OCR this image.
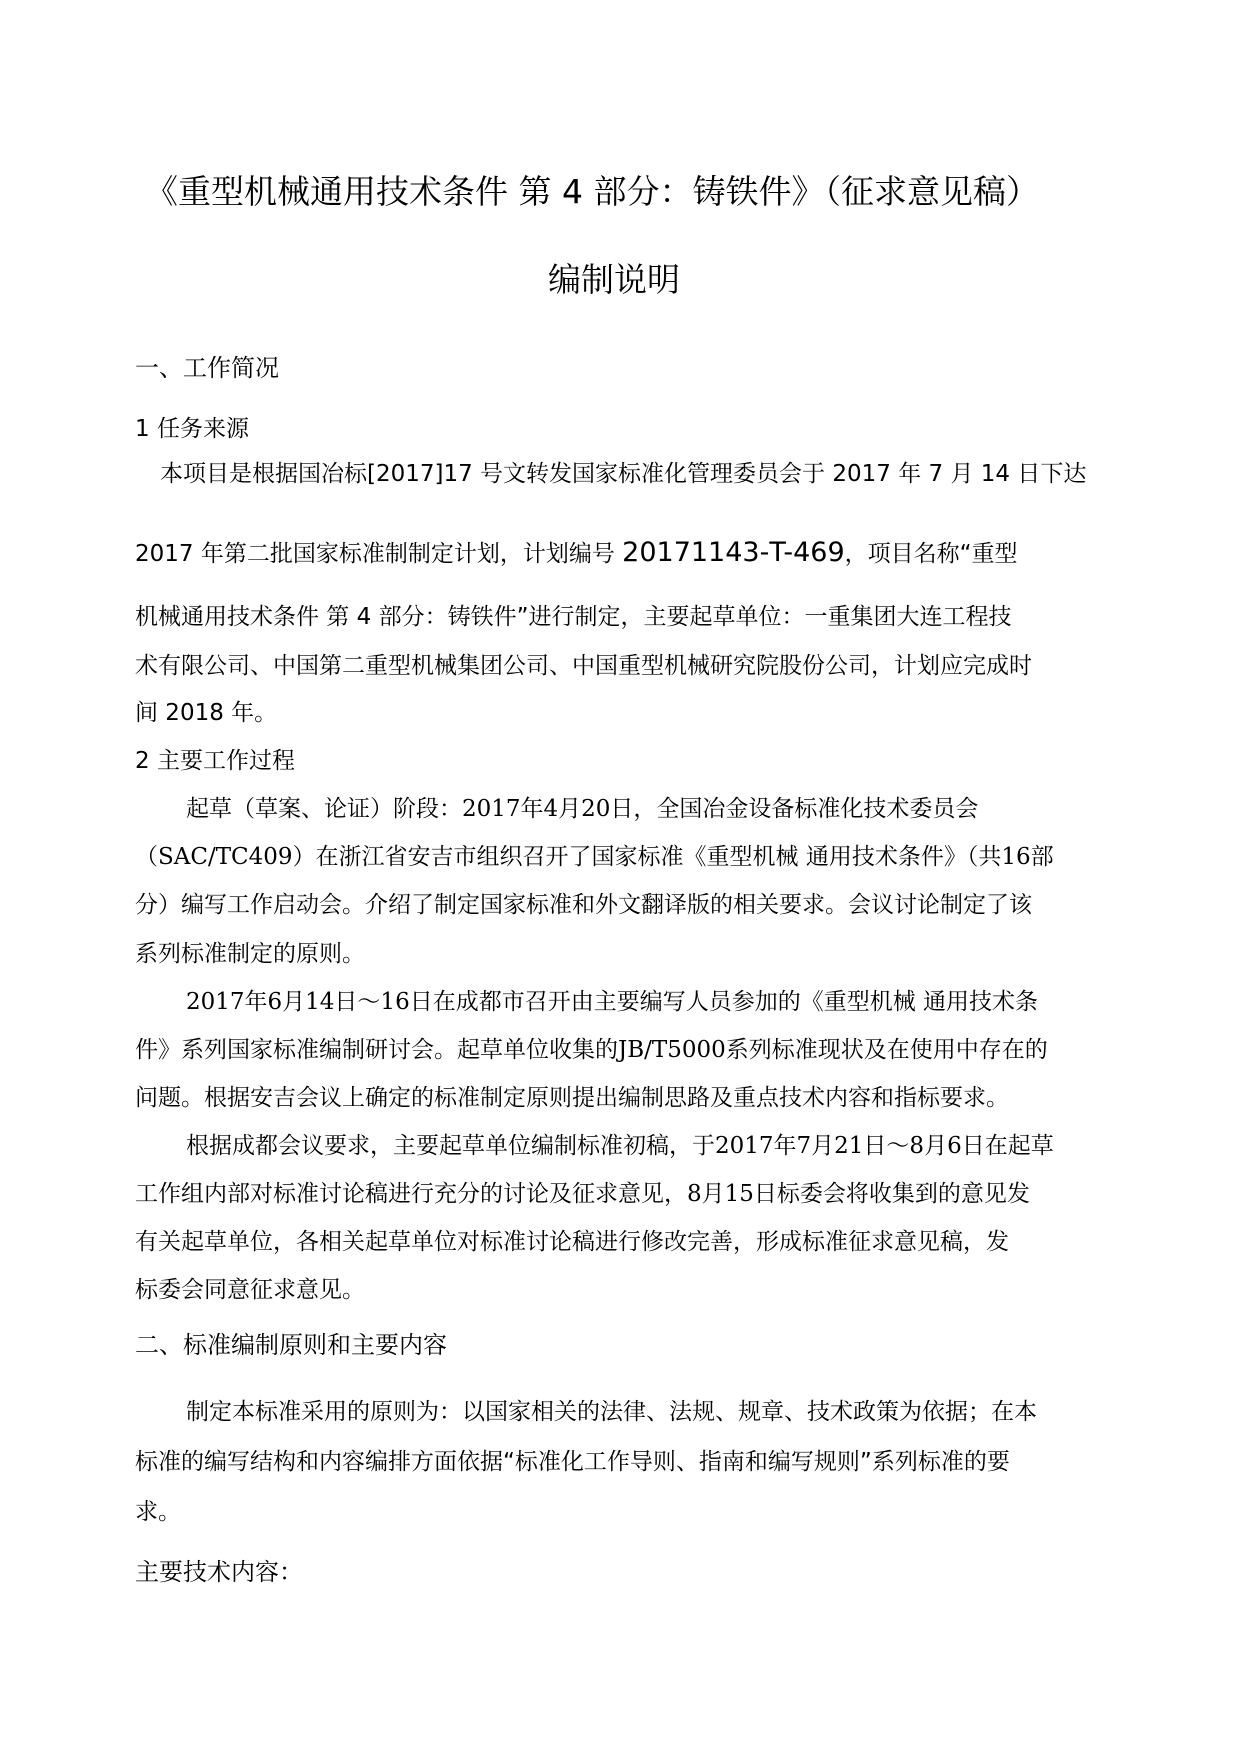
《重型机械通用技术条件 第 4 部分：铸铁件》（征求意见稿）
编制说明
一、工作简况
1 任务来源
本项目是根据国冶标[2017]17 号文转发国家标准化管理委员会于 2017 年 7 月 14 日下达
2017 年第二批国家标准制制定计划，计划编号 20171143-T-469，项目名称“重型
机械通用技术条件 第 4 部分：铸铁件”进行制定，主要起草单位：一重集团大连工程技
术有限公司、中国第二重型机械集团公司、中国重型机械研究院股份公司，计划应完成时
间 2018 年。
2 主要工作过程
起草（草案、论证）阶段：2017年4月20日，全国冶金设备标准化技术委员会
（SAC/TC409）在浙江省安吉市组织召开了国家标准《重型机械 通用技术条件》（共16部
分）编写工作启动会。介绍了制定国家标准和外文翻译版的相关要求。会议讨论制定了该
系列标准制定的原则。
2017年6月14日～16日在成都市召开由主要编写人员参加的《重型机械 通用技术条
件》系列国家标准编制研讨会。起草单位收集的JB/T5000系列标准现状及在使用中存在的
问题。根据安吉会议上确定的标准制定原则提出编制思路及重点技术内容和指标要求。
根据成都会议要求，主要起草单位编制标准初稿，于2017年7月21日～8月6日在起草
工作组内部对标准讨论稿进行充分的讨论及征求意见，8月15日标委会将收集到的意见发
有关起草单位，各相关起草单位对标准讨论稿进行修改完善，形成标准征求意见稿，发
标委会同意征求意见。
二、标准编制原则和主要内容
制定本标准采用的原则为：以国家相关的法律、法规、规章、技术政策为依据；在本
标准的编写结构和内容编排方面依据“标准化工作导则、指南和编写规则”系列标准的要
求。
主要技术内容：
